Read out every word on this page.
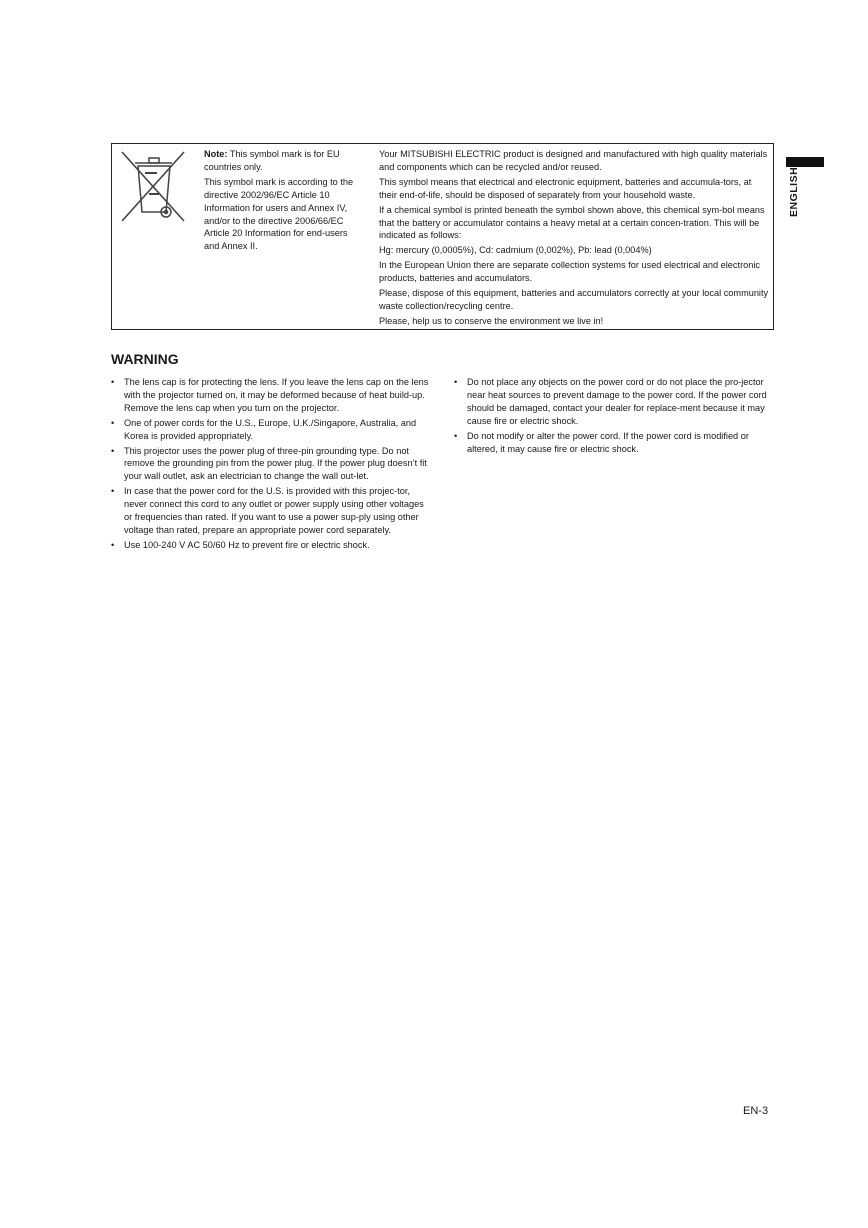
Note: This symbol mark is for EU countries only.

This symbol mark is according to the directive 2002/96/EC Article 10 Information for users and Annex IV, and/or to the directive 2006/66/EC Article 20 Information for end-users and Annex II.

Your MITSUBISHI ELECTRIC product is designed and manufactured with high quality materials and components which can be recycled and/or reused.

This symbol means that electrical and electronic equipment, batteries and accumula-tors, at their end-of-life, should be disposed of separately from your household waste.

If a chemical symbol is printed beneath the symbol shown above, this chemical sym-bol means that the battery or accumulator contains a heavy metal at a certain concen-tration. This will be indicated as follows:

Hg: mercury (0,0005%), Cd: cadmium (0,002%), Pb: lead (0,004%)

In the European Union there are separate collection systems for used electrical and electronic products, batteries and accumulators.

Please, dispose of this equipment, batteries and accumulators correctly at your local community waste collection/recycling centre.

Please, help us to conserve the environment we live in!

ENGLISH
WARNING
• The lens cap is for protecting the lens. If you leave the lens cap on the lens with the projector turned on, it may be deformed because of heat build-up. Remove the lens cap when you turn on the projector.
• One of power cords for the U.S., Europe, U.K./Singapore, Australia, and Korea is provided appropriately.
• This projector uses the power plug of three-pin grounding type. Do not remove the grounding pin from the power plug. If the power plug doesn’t fit your wall outlet, ask an electrician to change the wall out-let.
• In case that the power cord for the U.S. is provided with this projec-tor, never connect this cord to any outlet or power supply using other voltages or frequencies than rated. If you want to use a power sup-ply using other voltage than rated, prepare an appropriate power cord separately.
• Use 100-240 V AC 50/60 Hz to prevent fire or electric shock.
• Do not place any objects on the power cord or do not place the pro-jector near heat sources to prevent damage to the power cord. If the power cord should be damaged, contact your dealer for replace-ment because it may cause fire or electric shock.
• Do not modify or alter the power cord. If the power cord is modified or altered, it may cause fire or electric shock.
EN-3
